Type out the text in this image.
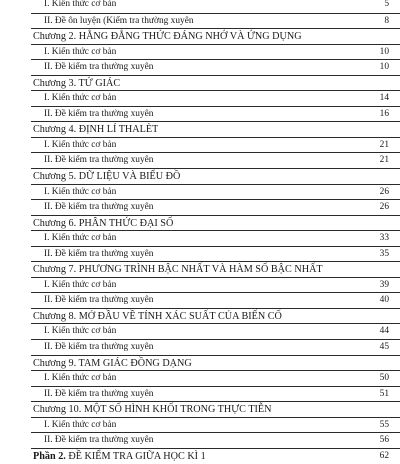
I. Kiến thức cơ bản	5
II. Đề ôn luyện (Kiểm tra thường xuyên	8
Chương 2. HẰNG ĐẲNG THỨC ĐÁNG NHỚ VÀ ỨNG DỤNG
I. Kiến thức cơ bản	10
II. Đề kiểm tra thường xuyên	10
Chương 3. TỨ GIÁC
I. Kiến thức cơ bản	14
II. Đề kiểm tra thường xuyên	16
Chương 4. ĐỊNH LÍ THALÈT
I. Kiến thức cơ bản	21
II. Đề kiểm tra thường xuyên	21
Chương 5. DỮ LIỆU VÀ BIỂU ĐỒ
I. Kiến thức cơ bản	26
II. Đề kiểm tra thường xuyên	26
Chương 6. PHÂN THỨC ĐẠI SỐ
I. Kiến thức cơ bản	33
II. Đề kiểm tra thường xuyên	35
Chương 7. PHƯƠNG TRÌNH BẬC NHẤT VÀ HÀM SỐ BẬC NHẤT
I. Kiến thức cơ bản	39
II. Đề kiểm tra thường xuyên	40
Chương 8. MỞ ĐẦU VỀ TÍNH XÁC SUẤT CỦA BIẾN CỐ
I. Kiến thức cơ bản	44
II. Đề kiểm tra thường xuyên	45
Chương 9. TAM GIÁC ĐỒNG DẠNG
I. Kiến thức cơ bản	50
II. Đề kiểm tra thường xuyên	51
Chương 10. MỘT SỐ HÌNH KHỐI TRONG THỰC TIỄN
I. Kiến thức cơ bản	55
II. Đề kiểm tra thường xuyên	56
Phần 2. ĐỀ KIỂM TRA GIỮA HỌC KÌ 1	62
